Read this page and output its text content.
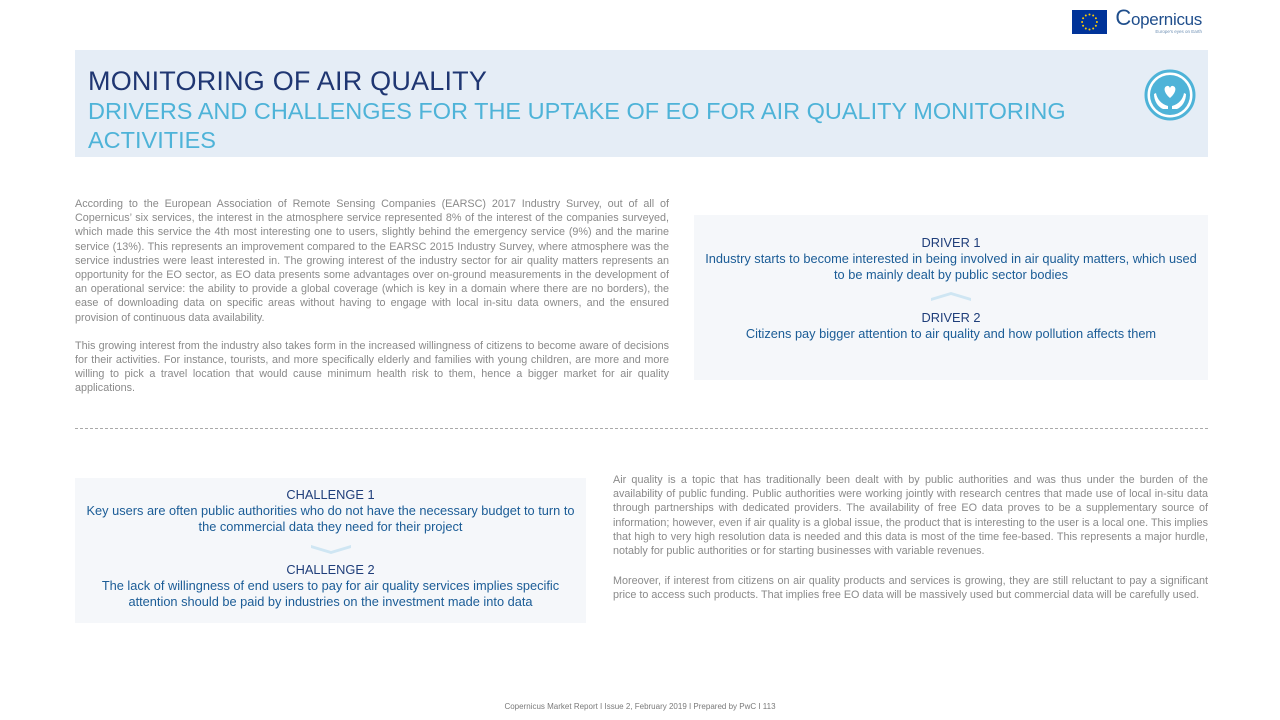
Copernicus
Europe's eyes on Earth
MONITORING OF AIR QUALITY
DRIVERS AND CHALLENGES FOR THE UPTAKE OF EO FOR AIR QUALITY MONITORING ACTIVITIES

According to the European Association of Remote Sensing Companies (EARSC) 2017 Industry Survey, out of all of Copernicus’ six services, the interest in the atmosphere service represented 8% of the interest of the companies surveyed, which made this service the 4th most interesting one to users, slightly behind the emergency service (9%) and the marine service (13%). This represents an improvement compared to the EARSC 2015 Industry Survey, where atmosphere was the service industries were least interested in. The growing interest of the industry sector for air quality matters represents an opportunity for the EO sector, as EO data presents some advantages over on-ground measurements in the development of an operational service: the ability to provide a global coverage (which is key in a domain where there are no borders), the ease of downloading data on specific areas without having to engage with local in-situ data owners, and the ensured provision of continuous data availability.

This growing interest from the industry also takes form in the increased willingness of citizens to become aware of decisions for their activities. For instance, tourists, and more specifically elderly and families with young children, are more and more willing to pick a travel location that would cause minimum health risk to them, hence a bigger market for air quality applications.

DRIVER 1
Industry starts to become interested in being involved in air quality matters, which used to be mainly dealt by public sector bodies
DRIVER 2
Citizens pay bigger attention to air quality and how pollution affects them
CHALLENGE 1
Key users are often public authorities who do not have the necessary budget to turn to the commercial data they need for their project
CHALLENGE 2
The lack of willingness of end users to pay for air quality services implies specific attention should be paid by industries on the investment made into data

Air quality is a topic that has traditionally been dealt with by public authorities and was thus under the burden of the availability of public funding. Public authorities were working jointly with research centres that made use of local in-situ data through partnerships with dedicated providers. The availability of free EO data proves to be a supplementary source of information; however, even if air quality is a global issue, the product that is interesting to the user is a local one. This implies that high to very high resolution data is needed and this data is most of the time fee-based. This represents a major hurdle, notably for public authorities or for starting businesses with variable revenues.

Moreover, if interest from citizens on air quality products and services is growing, they are still reluctant to pay a significant price to access such products. That implies free EO data will be massively used but commercial data will be carefully used.

Copernicus Market Report I Issue 2, February 2019 I Prepared by PwC I 113
